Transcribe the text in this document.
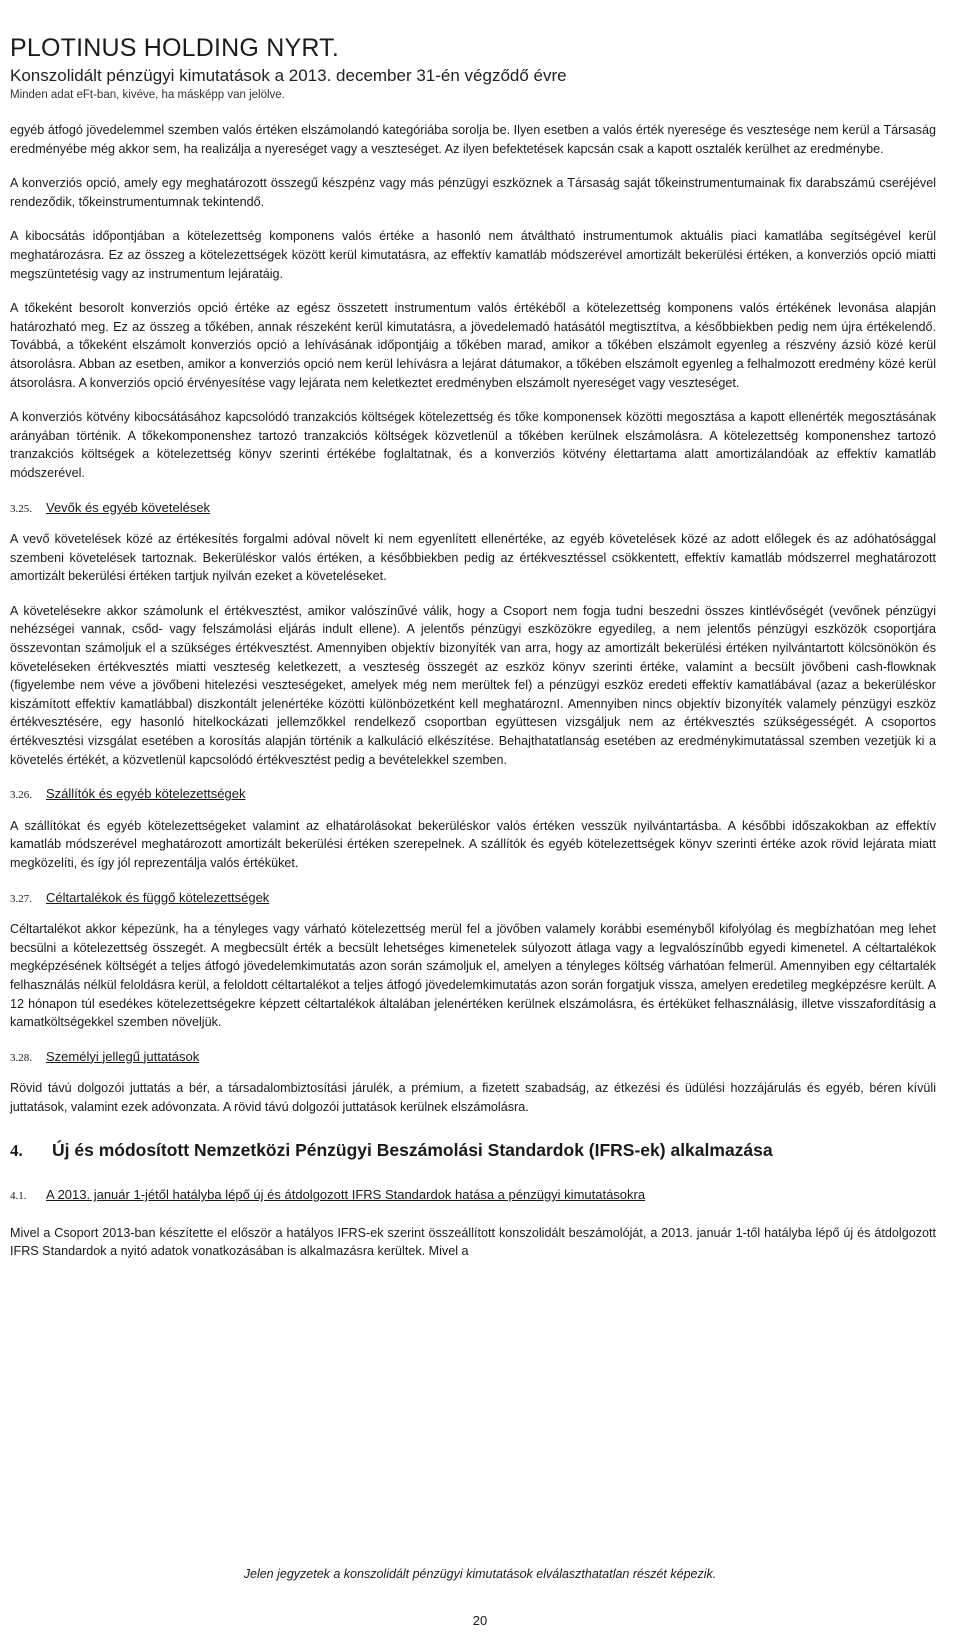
PLOTINUS HOLDING NYRT.
Konszolidált pénzügyi kimutatások a 2013. december 31-én végződő évre
Minden adat eFt-ban, kivéve, ha másképp van jelölve.

egyéb átfogó jövedelemmel szemben valós értéken elszámolandó kategóriába sorolja be. Ilyen esetben a valós érték nyeresége és vesztesége nem kerül a Társaság eredményébe még akkor sem, ha realizálja a nyereséget vagy a veszteséget. Az ilyen befektetések kapcsán csak a kapott osztalék kerülhet az eredménybe.

A konverziós opció, amely egy meghatározott összegű készpénz vagy más pénzügyi eszköznek a Társaság saját tőkeinstrumentumainak fix darabszámú cseréjével rendeződik, tőkeinstrumentumnak tekintendő.

A kibocsátás időpontjában a kötelezettség komponens valós értéke a hasonló nem átváltható instrumentumok aktuális piaci kamatlába segítségével kerül meghatározásra. Ez az összeg a kötelezettségek között kerül kimutatásra, az effektív kamatláb módszerével amortizált bekerülési értéken, a konverziós opció miatti megszüntetésig vagy az instrumentum lejáratáig.

A tőkeként besorolt konverziós opció értéke az egész összetett instrumentum valós értékéből a kötelezettség komponens valós értékének levonása alapján határozható meg. Ez az összeg a tőkében, annak részeként kerül kimutatásra, a jövedelemadó hatásától megtisztítva, a későbbiekben pedig nem újra értékelendő. Továbbá, a tőkeként elszámolt konverziós opció a lehívásának időpontjáig a tőkében marad, amikor a tőkében elszámolt egyenleg a részvény ázsió közé kerül átsorolásra. Abban az esetben, amikor a konverziós opció nem kerül lehívásra a lejárat dátumakor, a tőkében elszámolt egyenleg a felhalmozott eredmény közé kerül átsorolásra. A konverziós opció érvényesítése vagy lejárata nem keletkeztet eredményben elszámolt nyereséget vagy veszteséget.

A konverziós kötvény kibocsátásához kapcsolódó tranzakciós költségek kötelezettség és tőke komponensek közötti megosztása a kapott ellenérték megosztásának arányában történik. A tőkekomponenshez tartozó tranzakciós költségek közvetlenül a tőkében kerülnek elszámolásra. A kötelezettség komponenshez tartozó tranzakciós költségek a kötelezettség könyv szerinti értékébe foglaltatnak, és a konverziós kötvény élettartama alatt amortizálandóak az effektív kamatláb módszerével.

3.25. Vevők és egyéb követelések

A vevő követelések közé az értékesítés forgalmi adóval növelt ki nem egyenlített ellenértéke, az egyéb követelések közé az adott előlegek és az adóhatósággal szembeni követelések tartoznak. Bekerüléskor valós értéken, a későbbiekben pedig az értékvesztéssel csökkentett, effektív kamatláb módszerrel meghatározott amortizált bekerülési értéken tartjuk nyilván ezeket a követeléseket.

A követelésekre akkor számolunk el értékvesztést, amikor valószínűvé válik, hogy a Csoport nem fogja tudni beszedni összes kintlévőségét (vevőnek pénzügyi nehézségei vannak, csőd- vagy felszámolási eljárás indult ellene). A jelentős pénzügyi eszközökre egyedileg, a nem jelentős pénzügyi eszközök csoportjára összevontan számoljuk el a szükséges értékvesztést. Amennyiben objektív bizonyíték van arra, hogy az amortizált bekerülési értéken nyilvántartott kölcsönökön és követeléseken értékvesztés miatti veszteség keletkezett, a veszteség összegét az eszköz könyv szerinti értéke, valamint a becsült jövőbeni cash-flowknak (figyelembe nem véve a jövőbeni hitelezési veszteségeket, amelyek még nem merültek fel) a pénzügyi eszköz eredeti effektív kamatlábával (azaz a bekerüléskor kiszámított effektív kamatlábbal) diszkontált jelenértéke közötti különbözetként kell meghatároznI. Amennyiben nincs objektív bizonyíték valamely pénzügyi eszköz értékvesztésére, egy hasonló hitelkockázati jellemzőkkel rendelkező csoportban együttesen vizsgáljuk nem az értékvesztés szükségességét. A csoportos értékvesztési vizsgálat esetében a korosítás alapján történik a kalkuláció elkészítése. Behajthatatlanság esetében az eredménykimutatással szemben vezetjük ki a követelés értékét, a közvetlenül kapcsolódó értékvesztést pedig a bevételekkel szemben.

3.26. Szállítók és egyéb kötelezettségek

A szállítókat és egyéb kötelezettségeket valamint az elhatárolásokat bekerüléskor valós értéken vesszük nyilvántartásba. A későbbi időszakokban az effektív kamatláb módszerével meghatározott amortizált bekerülési értéken szerepelnek. A szállítók és egyéb kötelezettségek könyv szerinti értéke azok rövid lejárata miatt megközelíti, és így jól reprezentálja valós értéküket.

3.27. Céltartalékok és függő kötelezettségek

Céltartalékot akkor képezünk, ha a tényleges vagy várható kötelezettség merül fel a jövőben valamely korábbi eseményből kifolyólag és megbízhatóan meg lehet becsülni a kötelezettség összegét. A megbecsült érték a becsült lehetséges kimenetelek súlyozott átlaga vagy a legvalószínűbb egyedi kimenetel. A céltartalékok megképzésének költségét a teljes átfogó jövedelemkimutatás azon során számoljuk el, amelyen a tényleges költség várhatóan felmerül. Amennyiben egy céltartalék felhasználás nélkül feloldásra kerül, a feloldott céltartalékot a teljes átfogó jövedelemkimutatás azon során forgatjuk vissza, amelyen eredetileg megképzésre került. A 12 hónapon túl esedékes kötelezettségekre képzett céltartalékok általában jelenértéken kerülnek elszámolásra, és értéküket felhasználásig, illetve visszafordításig a kamatköltségekkel szemben növeljük.

3.28. Személyi jellegű juttatások

Rövid távú dolgozói juttatás a bér, a társadalombiztosítási járulék, a prémium, a fizetett szabadság, az étkezési és üdülési hozzájárulás és egyéb, béren kívüli juttatások, valamint ezek adóvonzata. A rövid távú dolgozói juttatások kerülnek elszámolásra.

4. Új és módosított Nemzetközi Pénzügyi Beszámolási Standardok (IFRS-ek) alkalmazása
4.1. A 2013. január 1-jétől hatályba lépő új és átdolgozott IFRS Standardok hatása a pénzügyi kimutatásokra

Mivel a Csoport 2013-ban készítette el először a hatályos IFRS-ek szerint összeállított konszolidált beszámolóját, a 2013. január 1-től hatályba lépő új és átdolgozott IFRS Standardok a nyitó adatok vonatkozásában is alkalmazásra kerültek. Mivel a

Jelen jegyzetek a konszolidált pénzügyi kimutatások elválaszthatatlan részét képezik.
20
